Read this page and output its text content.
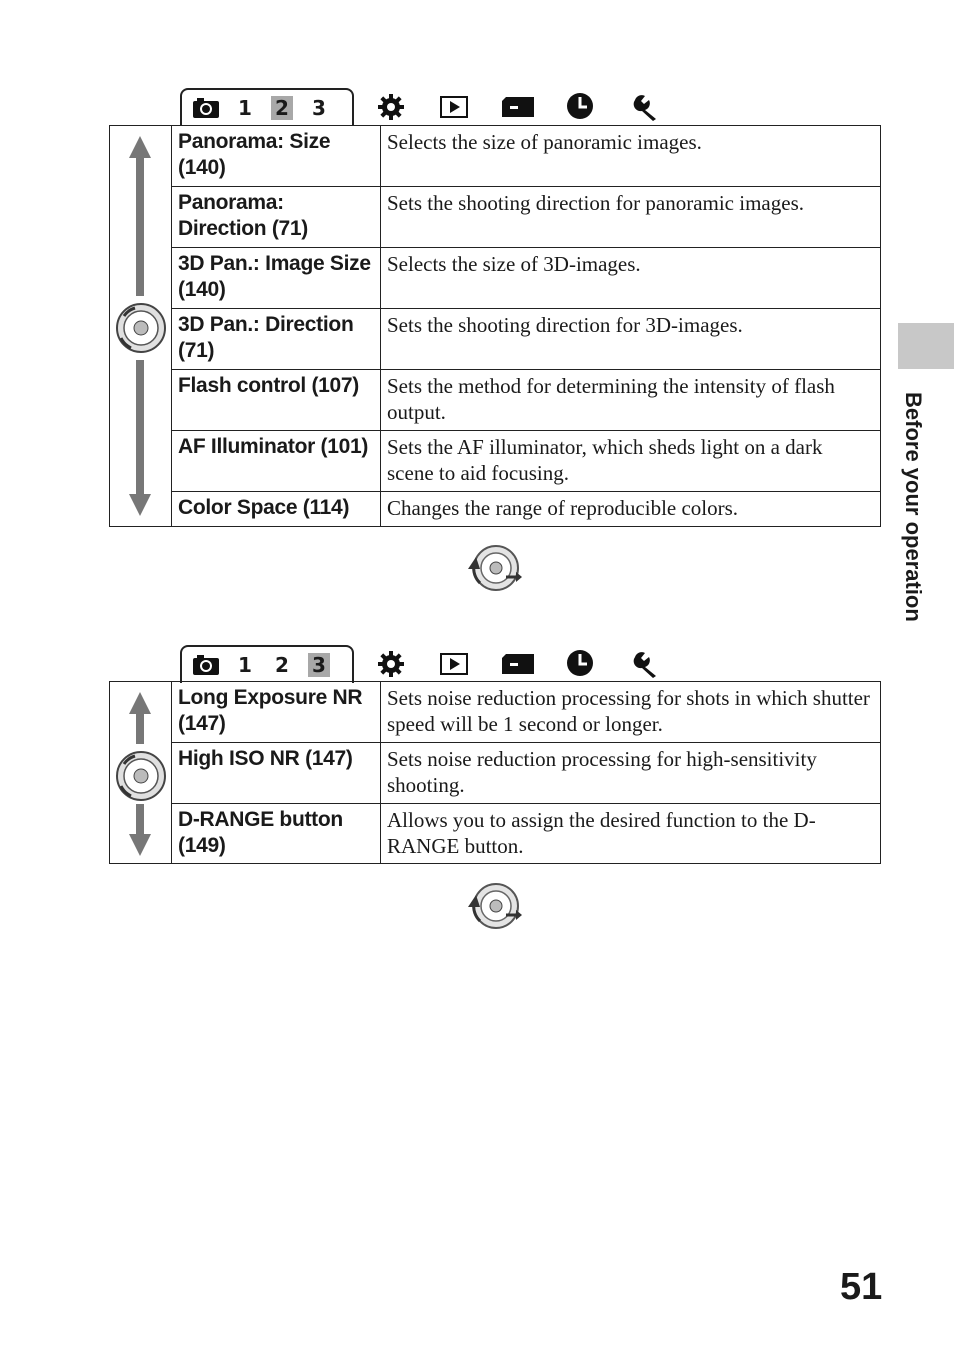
1 2 3
	Panorama: Size (140)	Selects the size of panoramic images.
	Panorama: Direction (71)	Sets the shooting direction for panoramic images.
	3D Pan.: Image Size (140)	Selects the size of 3D-images.
	3D Pan.: Direction (71)	Sets the shooting direction for 3D-images.
	Flash control (107)	Sets the method for determining the intensity of flash output.
	AF Illuminator (101)	Sets the AF illuminator, which sheds light on a dark scene to aid focusing.
	Color Space (114)	Changes the range of reproducible colors.
1 2 3
	Long Exposure NR (147)	Sets noise reduction processing for shots in which shutter speed will be 1 second or longer.
	High ISO NR (147)	Sets noise reduction processing for high-sensitivity shooting.
	D-RANGE button (149)	Allows you to assign the desired function to the D-RANGE button.
Before your operation
51
